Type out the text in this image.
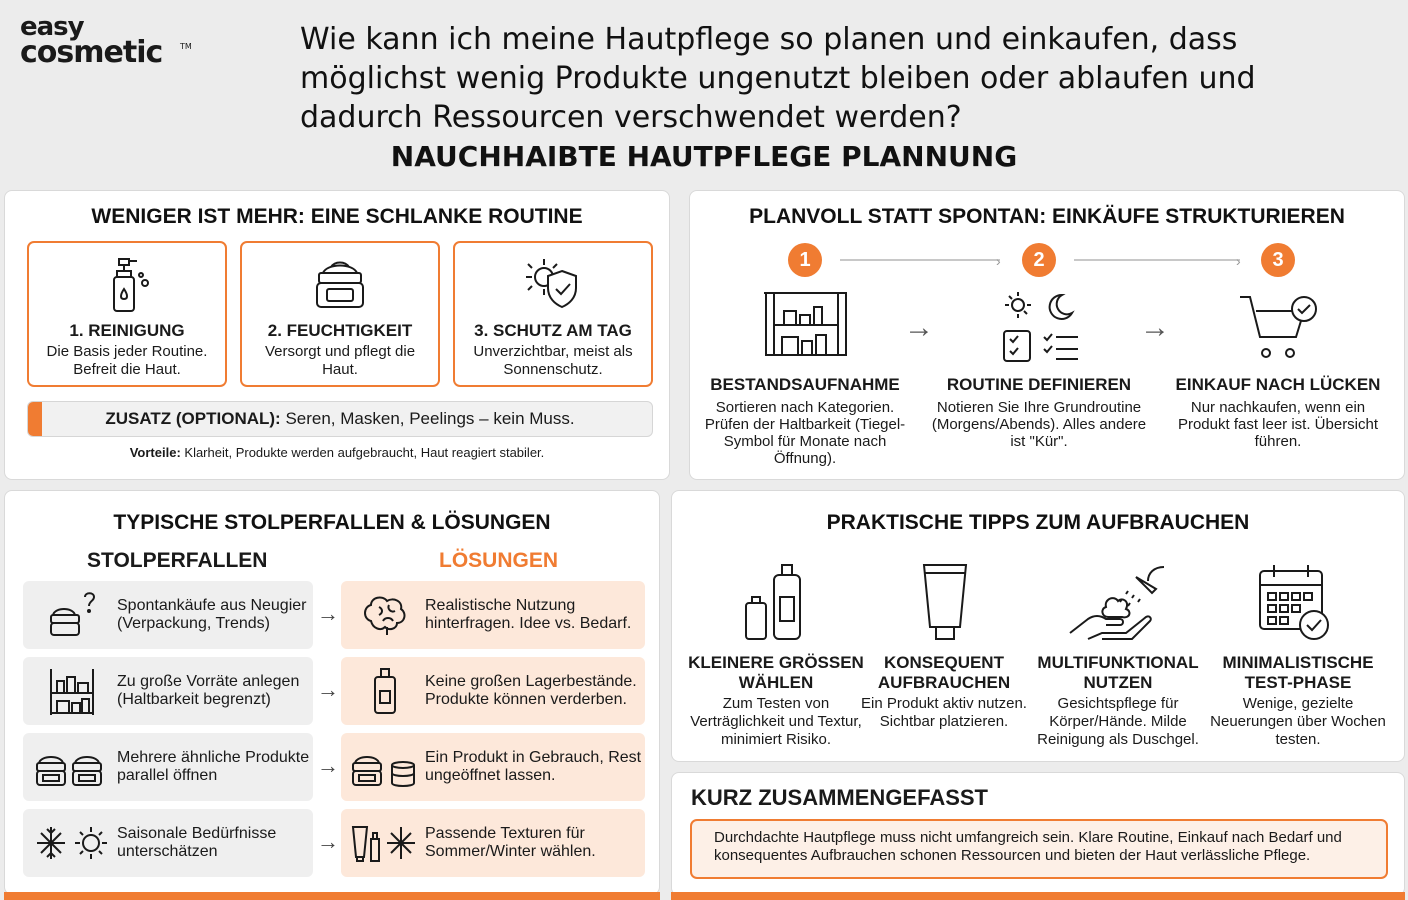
easy
cosmetic	TM	Wie kann ich meine Hautpflege so planen und einkaufen, dass möglichst wenig Produkte ungenutzt bleiben oder ablaufen und dadurch Ressourcen verschwendet werden?
NAUCHHAIBTE HAUTPFLEGE PLANNUNG
WENIGER IST MEHR: EINE SCHLANKE ROUTINE
1. REINIGUNG
Die Basis jeder Routine. Befreit die Haut.
2. FEUCHTIGKEIT
Versorgt und pflegt die Haut.
3. SCHUTZ AM TAG
Unverzichtbar, meist als Sonnenschutz.
ZUSATZ (OPTIONAL): Seren, Masken, Peelings – kein Muss.
Vorteile: Klarheit, Produkte werden aufgebraucht, Haut reagiert stabiler.
PLANVOLL STATT SPONTAN: EINKÄUFE STRUKTURIEREN
1	›	2	›	3
→	→
BESTANDSAUFNAHME
Sortieren nach Kategorien. Prüfen der Haltbarkeit (Tiegel-Symbol für Monate nach Öffnung).
ROUTINE DEFINIEREN
Notieren Sie Ihre Grundroutine (Morgens/Abends). Alles andere ist "Kür".
EINKAUF NACH LÜCKEN
Nur nachkaufen, wenn ein Produkt fast leer ist. Übersicht führen.
TYPISCHE STOLPERFALLEN & LÖSUNGEN
STOLPERFALLEN	LÖSUNGEN
Spontankäufe aus Neugier (Verpackung, Trends)	→	Realistische Nutzung hinterfragen. Idee vs. Bedarf.
Zu große Vorräte anlegen (Haltbarkeit begrenzt)	→	Keine großen Lagerbestände. Produkte können verderben.
Mehrere ähnliche Produkte parallel öffnen	→	Ein Produkt in Gebrauch, Rest ungeöffnet lassen.
Saisonale Bedürfnisse unterschätzen	→	Passende Texturen für Sommer/Winter wählen.
PRAKTISCHE TIPPS ZUM AUFBRAUCHEN
KLEINERE GRÖSSEN WÄHLEN
Zum Testen von Verträglichkeit und Textur, minimiert Risiko.
KONSEQUENT AUFBRAUCHEN
Ein Produkt aktiv nutzen. Sichtbar platzieren.
MULTIFUNKTIONAL NUTZEN
Gesichtspflege für Körper/Hände. Milde Reinigung als Duschgel.
MINIMALISTISCHE TEST-PHASE
Wenige, gezielte Neuerungen über Wochen testen.
KURZ ZUSAMMENGEFASST
Durchdachte Hautpflege muss nicht umfangreich sein. Klare Routine, Einkauf nach Bedarf und konsequentes Aufbrauchen schonen Ressourcen und bieten der Haut verlässliche Pflege.
